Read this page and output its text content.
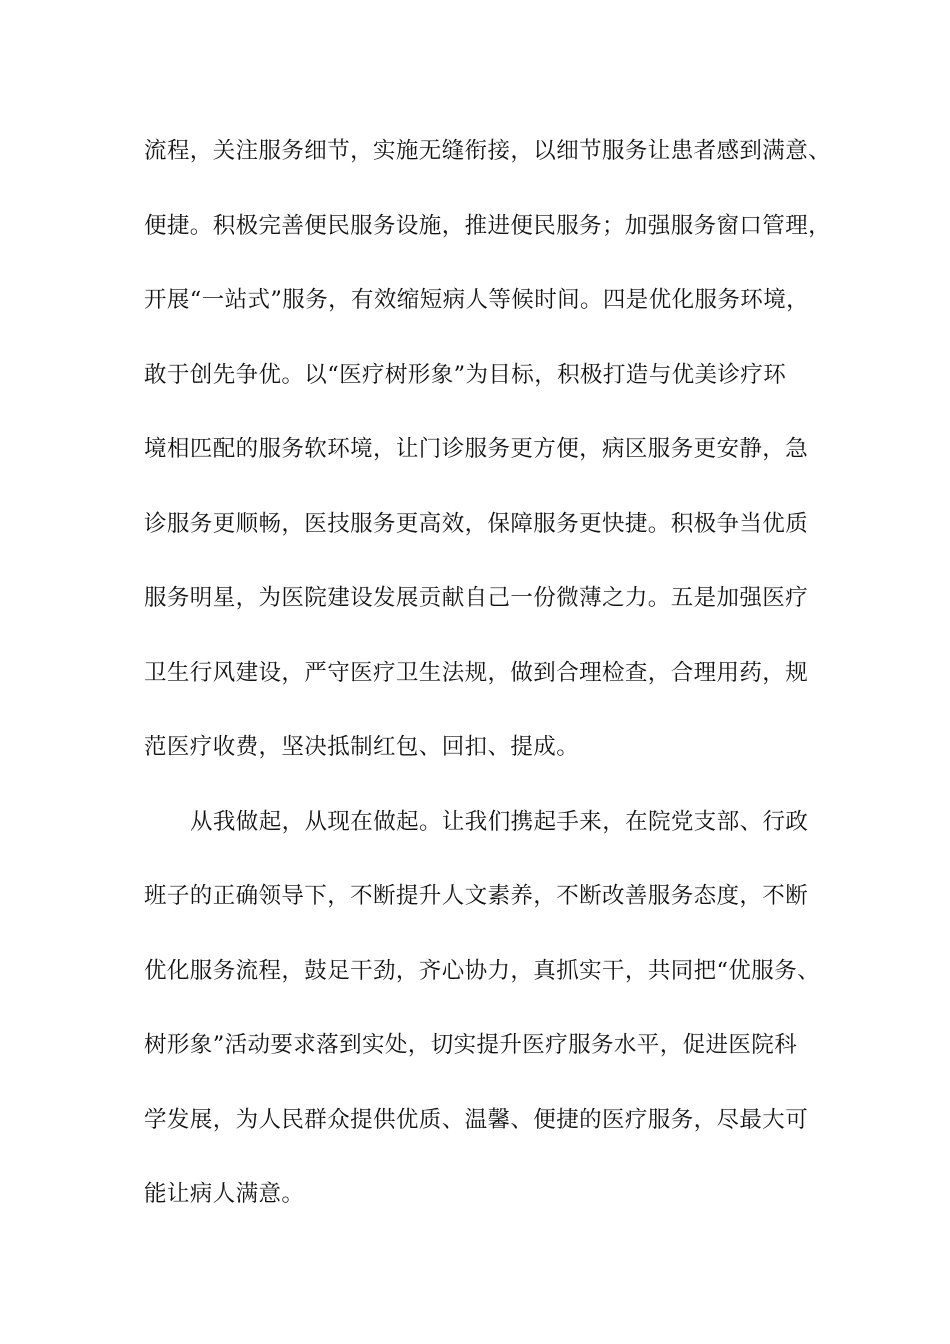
流程，关注服务细节，实施无缝衔接，以细节服务让患者感到满意、
便捷。积极完善便民服务设施，推进便民服务；加强服务窗口管理，
开展“一站式”服务，有效缩短病人等候时间。四是优化服务环境，
敢于创先争优。以“医疗树形象”为目标，积极打造与优美诊疗环
境相匹配的服务软环境，让门诊服务更方便，病区服务更安静，急
诊服务更顺畅，医技服务更高效，保障服务更快捷。积极争当优质
服务明星，为医院建设发展贡献自己一份微薄之力。五是加强医疗
卫生行风建设，严守医疗卫生法规，做到合理检查，合理用药，规
范医疗收费，坚决抵制红包、回扣、提成。
从我做起，从现在做起。让我们携起手来，在院党支部、行政
班子的正确领导下，不断提升人文素养，不断改善服务态度，不断
优化服务流程，鼓足干劲，齐心协力，真抓实干，共同把“优服务、
树形象”活动要求落到实处，切实提升医疗服务水平，促进医院科
学发展，为人民群众提供优质、温馨、便捷的医疗服务，尽最大可
能让病人满意。
